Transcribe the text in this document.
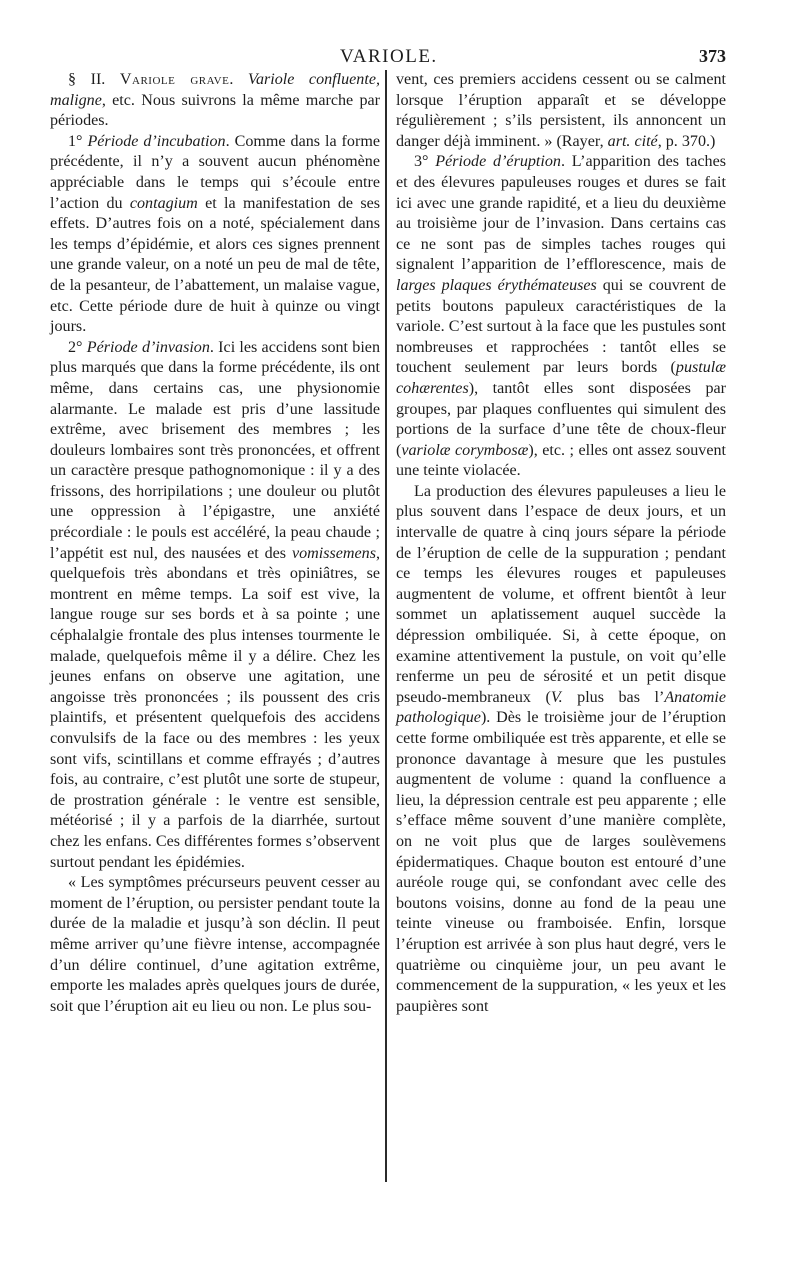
VARIOLE.	373

§ II. Variole grave. Variole confluente, maligne, etc. Nous suivrons la même marche par périodes.

1° Période d’incubation. Comme dans la forme précédente, il n’y a souvent aucun phénomène appréciable dans le temps qui s’écoule entre l’action du contagium et la manifestation de ses effets. D’autres fois on a noté, spécialement dans les temps d’épidémie, et alors ces signes prennent une grande valeur, on a noté un peu de mal de tête, de la pesanteur, de l’abattement, un malaise vague, etc. Cette période dure de huit à quinze ou vingt jours.

2° Période d’invasion. Ici les accidens sont bien plus marqués que dans la forme précédente, ils ont même, dans certains cas, une physionomie alarmante. Le malade est pris d’une lassitude extrême, avec brisement des membres ; les douleurs lombaires sont très prononcées, et offrent un caractère presque pathognomonique : il y a des frissons, des horripilations ; une douleur ou plutôt une oppression à l’épigastre, une anxiété précordiale : le pouls est accéléré, la peau chaude ; l’appétit est nul, des nausées et des vomissemens, quelquefois très abondans et très opiniâtres, se montrent en même temps. La soif est vive, la langue rouge sur ses bords et à sa pointe ; une céphalalgie frontale des plus intenses tourmente le malade, quelquefois même il y a délire. Chez les jeunes enfans on observe une agitation, une angoisse très prononcées ; ils poussent des cris plaintifs, et présentent quelquefois des accidens convulsifs de la face ou des membres : les yeux sont vifs, scintillans et comme effrayés ; d’autres fois, au contraire, c’est plutôt une sorte de stupeur, de prostration générale : le ventre est sensible, météorisé ; il y a parfois de la diarrhée, surtout chez les enfans. Ces différentes formes s’observent surtout pendant les épidémies.

« Les symptômes précurseurs peuvent cesser au moment de l’éruption, ou persister pendant toute la durée de la maladie et jusqu’à son déclin. Il peut même arriver qu’une fièvre intense, accompagnée d’un délire continuel, d’une agitation extrême, emporte les malades après quelques jours de durée, soit que l’éruption ait eu lieu ou non. Le plus sou-

vent, ces premiers accidens cessent ou se calment lorsque l’éruption apparaît et se développe régulièrement ; s’ils persistent, ils annoncent un danger déjà imminent. » (Rayer, art. cité, p. 370.)

3° Période d’éruption. L’apparition des taches et des élevures papuleuses rouges et dures se fait ici avec une grande rapidité, et a lieu du deuxième au troisième jour de l’invasion. Dans certains cas ce ne sont pas de simples taches rouges qui signalent l’apparition de l’efflorescence, mais de larges plaques érythémateuses qui se couvrent de petits boutons papuleux caractéristiques de la variole. C’est surtout à la face que les pustules sont nombreuses et rapprochées : tantôt elles se touchent seulement par leurs bords (pustulæ cohærentes), tantôt elles sont disposées par groupes, par plaques confluentes qui simulent des portions de la surface d’une tête de choux-fleur (variolæ corymbosæ), etc. ; elles ont assez souvent une teinte violacée.

La production des élevures papuleuses a lieu le plus souvent dans l’espace de deux jours, et un intervalle de quatre à cinq jours sépare la période de l’éruption de celle de la suppuration ; pendant ce temps les élevures rouges et papuleuses augmentent de volume, et offrent bientôt à leur sommet un aplatissement auquel succède la dépression ombiliquée. Si, à cette époque, on examine attentivement la pustule, on voit qu’elle renferme un peu de sérosité et un petit disque pseudo-membraneux (V. plus bas l’Anatomie pathologique). Dès le troisième jour de l’éruption cette forme ombiliquée est très apparente, et elle se prononce davantage à mesure que les pustules augmentent de volume : quand la confluence a lieu, la dépression centrale est peu apparente ; elle s’efface même souvent d’une manière complète, on ne voit plus que de larges soulèvemens épidermatiques. Chaque bouton est entouré d’une auréole rouge qui, se confondant avec celle des boutons voisins, donne au fond de la peau une teinte vineuse ou framboisée. Enfin, lorsque l’éruption est arrivée à son plus haut degré, vers le quatrième ou cinquième jour, un peu avant le commencement de la suppuration, « les yeux et les paupières sont
